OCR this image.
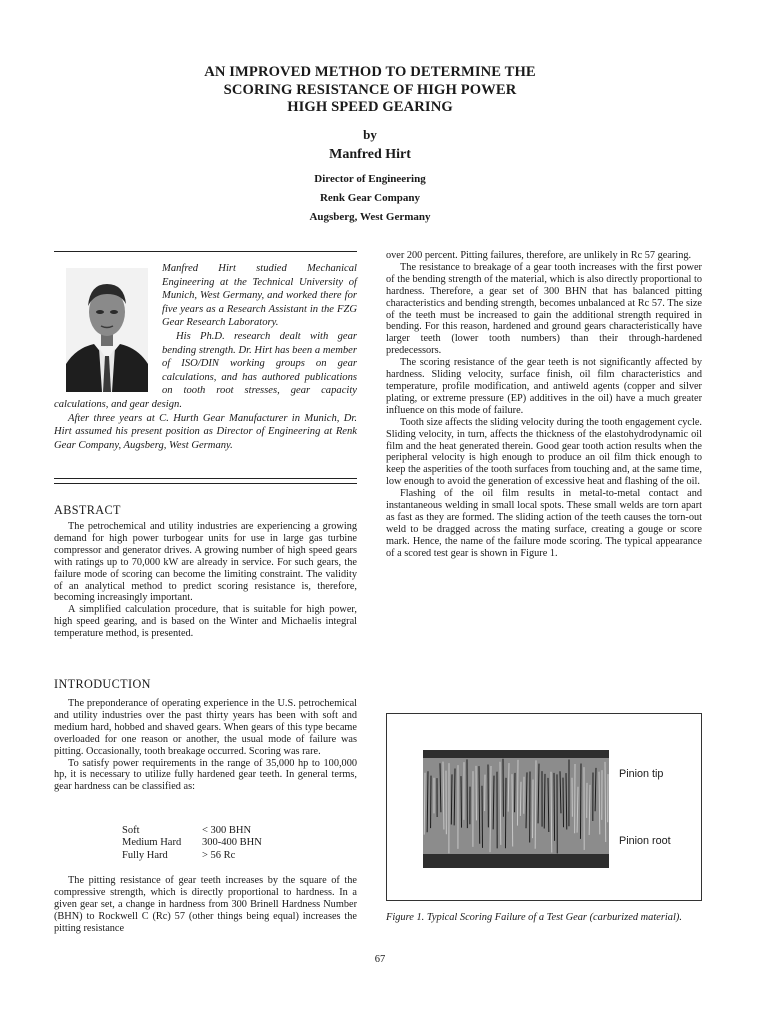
AN IMPROVED METHOD TO DETERMINE THE
SCORING RESISTANCE OF HIGH POWER
HIGH SPEED GEARING
by
Manfred Hirt
Director of Engineering
Renk Gear Company
Augsberg, West Germany

Manfred Hirt studied Mechanical Engineering at the Technical University of Munich, West Germany, and worked there for five years as a Research Assistant in the FZG Gear Research Laboratory.

His Ph.D. research dealt with gear bending strength. Dr. Hirt has been a member of ISO/DIN working groups on gear calculations, and has authored publications on tooth root stresses, gear capacity calculations, and gear design.

After three years at C. Hurth Gear Manufacturer in Munich, Dr. Hirt assumed his present position as Director of Engineering at Renk Gear Company, Augsberg, West Germany.

ABSTRACT

The petrochemical and utility industries are experiencing a growing demand for high power turbogear units for use in large gas turbine compressor and generator drives. A growing number of high speed gears with ratings up to 70,000 kW are already in service. For such gears, the failure mode of scoring can become the limiting constraint. The validity of an analytical method to predict scoring resistance is, therefore, becoming increasingly important.

A simplified calculation procedure, that is suitable for high power, high speed gearing, and is based on the Winter and Michaelis integral temperature method, is presented.

INTRODUCTION

The preponderance of operating experience in the U.S. petrochemical and utility industries over the past thirty years has been with soft and medium hard, hobbed and shaved gears. When gears of this type became overloaded for one reason or another, the usual mode of failure was pitting. Occasionally, tooth breakage occurred. Scoring was rare.

To satisfy power requirements in the range of 35,000 hp to 100,000 hp, it is necessary to utilize fully hardened gear teeth. In general terms, gear hardness can be classified as:

Soft	< 300 BHN
Medium Hard	300-400 BHN
Fully Hard	> 56 Rc

The pitting resistance of gear teeth increases by the square of the compressive strength, which is directly proportional to hardness. In a given gear set, a change in hardness from 300 Brinell Hardness Number (BHN) to Rockwell C (Rc) 57 (other things being equal) increases the pitting resistance

over 200 percent. Pitting failures, therefore, are unlikely in Rc 57 gearing.

The resistance to breakage of a gear tooth increases with the first power of the bending strength of the material, which is also directly proportional to hardness. Therefore, a gear set of 300 BHN that has balanced pitting characteristics and bending strength, becomes unbalanced at Rc 57. The size of the teeth must be increased to gain the additional strength required in bending. For this reason, hardened and ground gears characteristically have larger teeth (lower tooth numbers) than their through-hardened predecessors.

The scoring resistance of the gear teeth is not significantly affected by hardness. Sliding velocity, surface finish, oil film characteristics and temperature, profile modification, and antiweld agents (copper and silver plating, or extreme pressure (EP) additives in the oil) have a much greater influence on this mode of failure.

Tooth size affects the sliding velocity during the tooth engagement cycle. Sliding velocity, in turn, affects the thickness of the elastohydrodynamic oil film and the heat generated therein. Good gear tooth action results when the peripheral velocity is high enough to produce an oil film thick enough to keep the asperities of the tooth surfaces from touching and, at the same time, low enough to avoid the generation of excessive heat and flashing of the oil.

Flashing of the oil film results in metal-to-metal contact and instantaneous welding in small local spots. These small welds are torn apart as fast as they are formed. The sliding action of the teeth causes the torn-out weld to be dragged across the mating surface, creating a gouge or score mark. Hence, the name of the failure mode scoring. The typical appearance of a scored test gear is shown in Figure 1.

Pinion tip
Pinion root
Figure 1. Typical Scoring Failure of a Test Gear (carburized material).
67
